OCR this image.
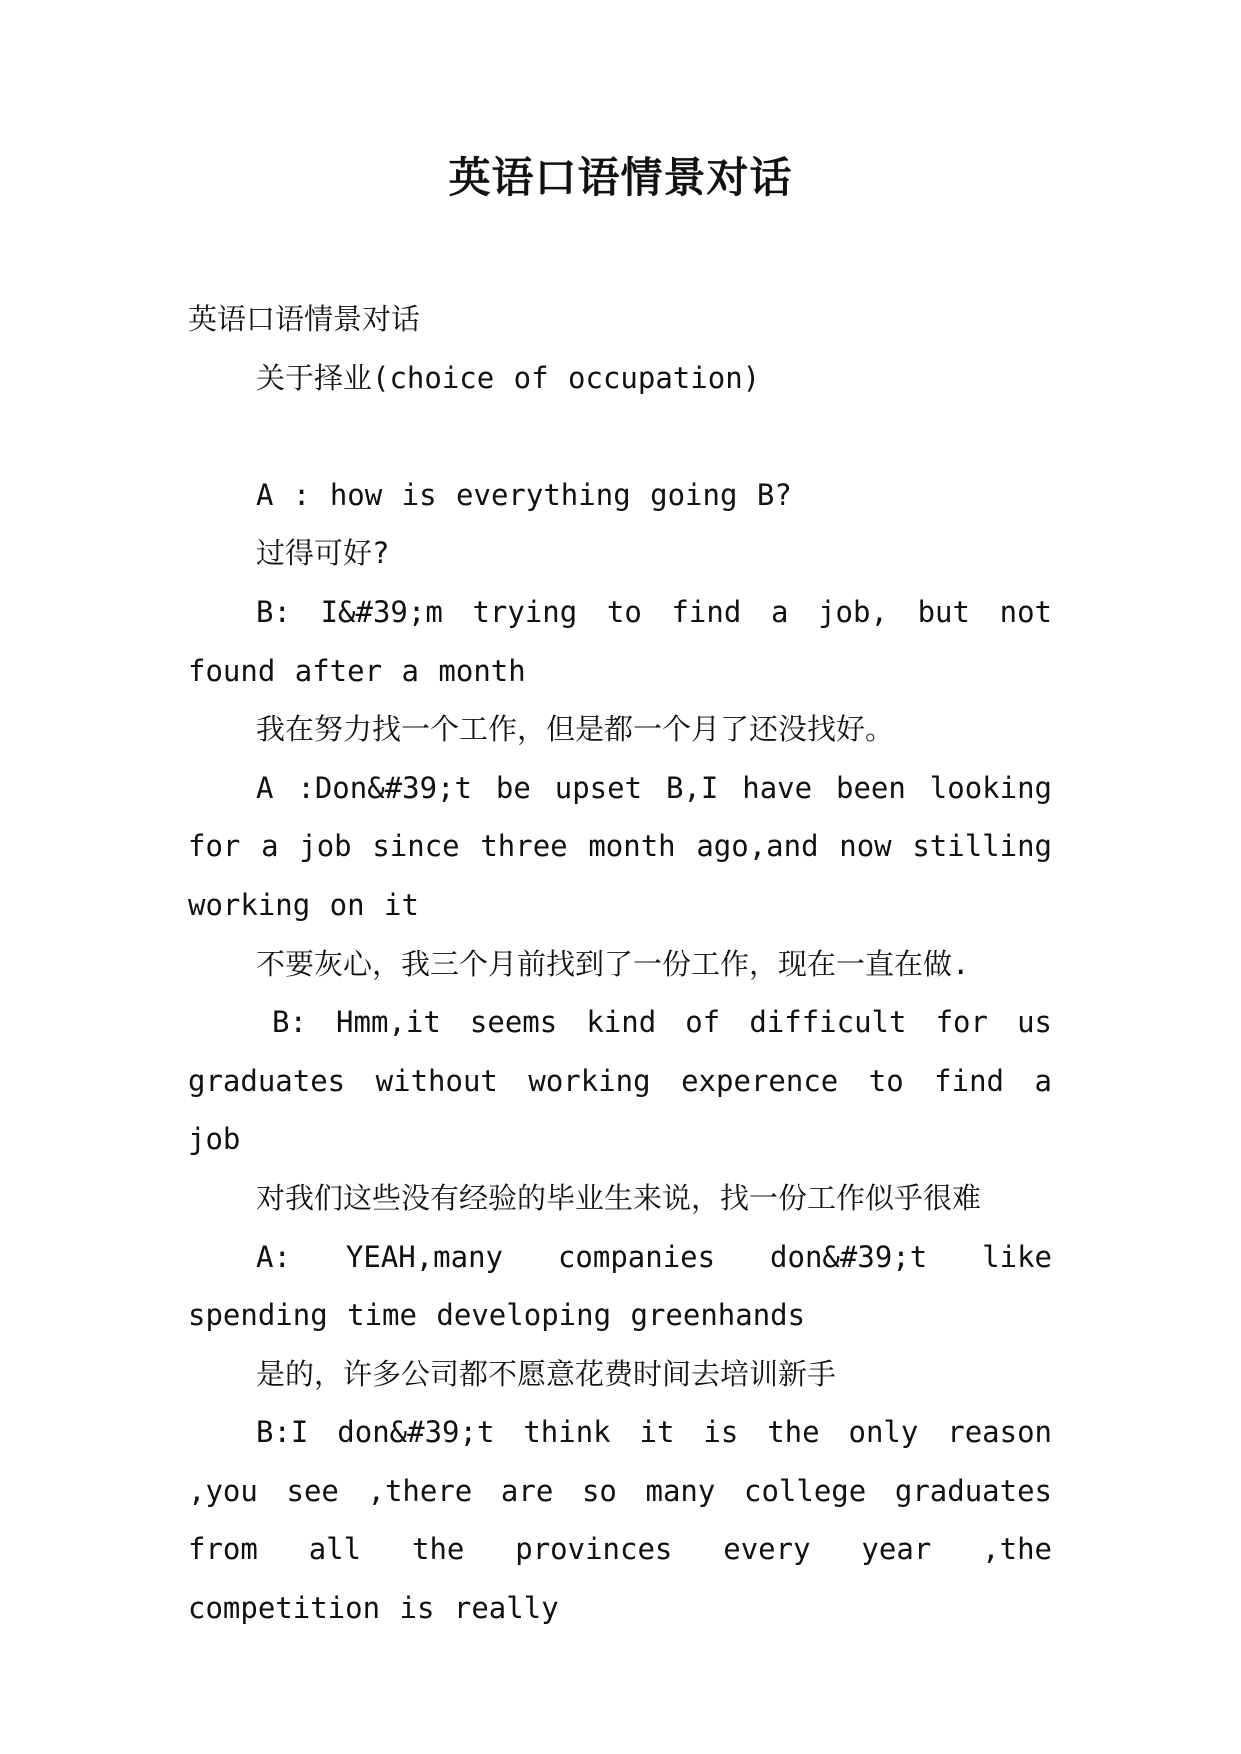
英语口语情景对话

英语口语情景对话

关于择业(choice of occupation)

A : how is everything going B?

过得可好?

B: I&#39;m trying to find a job, but not found after a month

我在努力找一个工作，但是都一个月了还没找好。

A :Don&#39;t be upset B,I have been looking for a job since three month ago,and now stilling working on it

不要灰心，我三个月前找到了一份工作，现在一直在做.

B: Hmm,it seems kind of difficult for us graduates without working experence to find a job

对我们这些没有经验的毕业生来说，找一份工作似乎很难

A: YEAH,many companies don&#39;t like spending time developing greenhands

是的，许多公司都不愿意花费时间去培训新手

B:I don&#39;t think it is the only reason ,you see ,there are so many college graduates from all the provinces every year ,the competition is really
